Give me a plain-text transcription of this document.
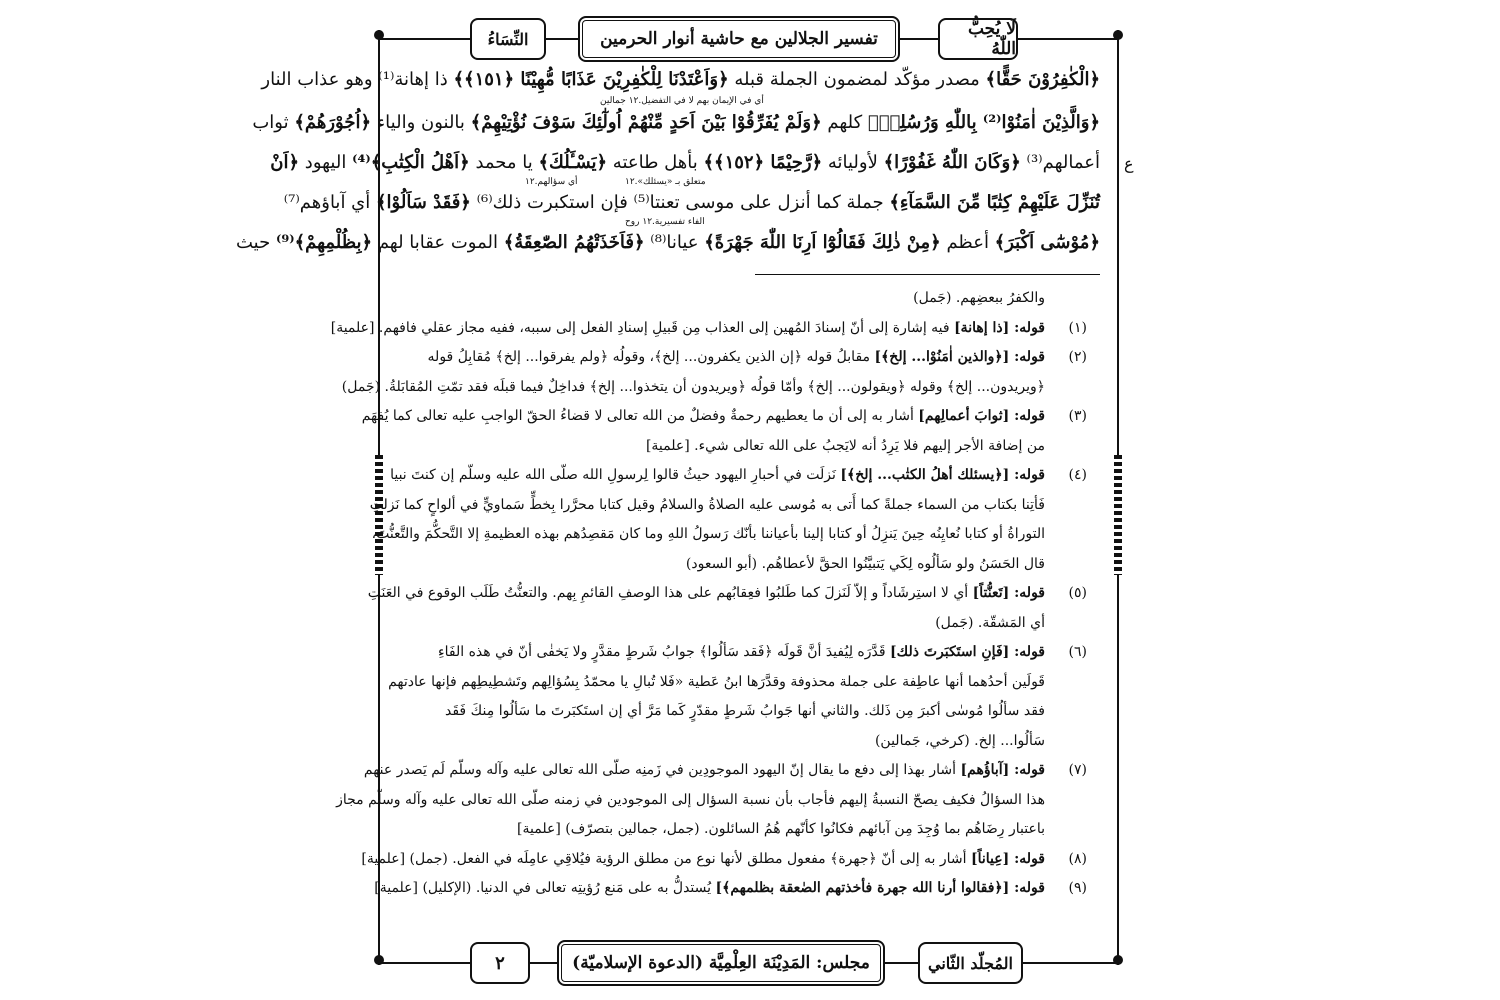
لَا يُحِبُّ اللّٰهُ
تفسير الجلالين مع حاشية أنوار الحرمين
النِّسَاءُ
﴿الْكٰفِرُوْنَ حَقًّا﴾ مصدر مؤكّد لمضمون الجملة قبله ﴿وَاَعْتَدْنَا لِلْكٰفِرِيْنَ عَذَابًا مُّهِيْنًا ﴿١٥١﴾﴾ ذا إهانة⁽¹⁾ وهو عذاب النار
﴿وَالَّذِيْنَ اٰمَنُوْا⁽²⁾ بِاللّٰهِ وَرُسُلِهٖ﴾ كلهم ﴿وَلَمْ يُفَرِّقُوْا بَيْنَ اَحَدٍ مِّنْهُمْ اُولٰٓئِكَ سَوْفَ نُؤْتِيْهِمْ﴾ بالنون والياء ﴿اُجُوْرَهُمْ﴾ ثواب
أعمالهم⁽³⁾ ﴿وَكَانَ اللّٰهُ غَفُوْرًا﴾ لأوليائه ﴿رَّحِيْمًا ﴿١٥٢﴾﴾ بأهل طاعته ﴿يَسْـَٔلُكَ﴾ يا محمد ﴿اَهْلُ الْكِتٰبِ﴾⁽⁴⁾ اليهود ﴿اَنْ
تُنَزِّلَ عَلَيْهِمْ كِتٰبًا مِّنَ السَّمَآءِ﴾ جملة كما أنزل على موسى تعنتا⁽⁵⁾ فإن استكبرت ذلك⁽⁶⁾ ﴿فَقَدْ سَاَلُوْا﴾ أي آباؤهم⁽⁷⁾
﴿مُوْسٰٓى اَكْبَرَ﴾ أعظم ﴿مِنْ ذٰلِكَ فَقَالُوْٓا اَرِنَا اللّٰهَ جَهْرَةً﴾ عيانا⁽⁸⁾ ﴿فَاَخَذَتْهُمُ الصّٰعِقَةُ﴾ الموت عقابا لهم ﴿بِظُلْمِهِمْ﴾⁽⁹⁾ حيث
أي في الإيمان بهم لا في التفضيل.١٢ جمالين
متعلق بـ «يسئلك».١٢
أي سؤالهم.١٢
الفاء تفسيرية.١٢ روح
ع
والكفرُ ببعضِهم. (جَمل)
(١)
قوله: [ذا إهانة] فيه إشارة إلى أنّ إسنادَ المُهين إلى العذاب مِن قَبيلِ إسنادِ الفعل إلى سببه، ففيه مجاز عقلي فافهم. [علمية]
(٢)
قوله: [﴿والذين اٰمَنُوْا... إلخ﴾] مقابلُ قوله ﴿إن الذين يكفرون... إلخ﴾، وقولُه ﴿ولم يفرقوا... إلخ﴾ مُقابِلُ قوله
﴿ويريدون... إلخ﴾ وقوله ﴿ويقولون... إلخ﴾ وأمّا قولُه ﴿ويريدون أن يتخذوا... إلخ﴾ فداخِلٌ فيما قبلَه فقد تمّتِ المُقابَلةُ. (جَمل)
(٣)
قوله: [ثوابَ أعمالِهم] أشار به إلى أن ما يعطيهم رحمةٌ وفضلٌ من الله تعالى لا قضاءُ الحقّ الواجبِ عليه تعالى كما يُفهَم
من إضافة الأجر إليهم فلا يَرِدُ أنه لايَجبُ على الله تعالى شيء. [علمية]
(٤)
قوله: [﴿يسئلك أهلُ الكتٰب... إلخ﴾] نَزلَت في أحبارِ اليهود حيثُ قالوا لِرسولِ الله صلّى الله عليه وسلّم إن كنتَ نبيا
فَأتِنا بكتاب من السماء جملةً كما أَتى به مُوسى عليه الصلاةُ والسلامُ وقيل كتابا محرَّرا بِخطٍّ سَماويٍّ في ألواحٍ كما نَزلتِ
التوراةُ أو كتابا نُعايِنُه حِينَ يَنزِلُ أو كتابا إلينا بأعياننا بأنّك رَسولُ اللهِ وما كان مَقصِدُهم بهذه العظيمةِ إلا التَّحكُّمَ والتَّعنُّتَ،
قال الحَسَنُ ولو سَألُوه لِكَي يَتبيَّنُوا الحقَّ لأعطاهُم. (أبو السعود)
(٥)
قوله: [تَعنُّتاً] أي لا استِرشَاداً و إلاّ لَنَزلَ كما طَلبُوا فعِقابُهم على هذا الوصفِ القائمِ بِهم. والتعنُّتُ طَلَب الوقوع في العَنَتِ
أي المَشقّة. (جَمل)
(٦)
قوله: [فَإنِ استَكبَرتَ ذلك] قَدَّرَه لِيُفيدَ أنَّ قَولَه ﴿فَقد سَألُوا﴾ جوابُ شَرطٍ مقدَّرٍ ولا يَخفٰى أنّ في هذه الفَاءِ
قَولَين أحدُهما أنها عاطِفة على جملة محذوفة وقدَّرَها ابنُ عَطية «فَلا تُبالِ يا محمّدُ بِسُؤالِهم وتَشطِيطِهم فإنها عادتهم
فقد سألُوا مُوسٰى أكبرَ مِن ذَلك. والثاني أنها جَوابُ شَرطٍ مقدّرٍ كَما مَرَّ أي إن استَكبَرتَ ما سَألُوا مِنكَ فَقَد
سَألُوا... إلخ. (كرخي، جَمالين)
(٧)
قوله: [آباؤُهم] أشار بهذا إلى دفع ما يقال إنّ اليهود الموجودِين في زَمنِه صلّى الله تعالى عليه وآله وسلّم لَم يَصدر عنهم
هذا السؤالُ فكيف يصحّ النسبةُ إليهم فأجاب بأن نسبة السؤال إلى الموجودين في زمنه صلّى الله تعالى عليه وآله وسلّم مجاز
باعتبار رِضَاهُم بما وُجِدَ مِن آبائهم فكانُوا كأنّهم هُمُ السائلون. (جمل، جمالين بتصرّف) [علمية]
(٨)
قوله: [عِياناً] أشار به إلى أنّ ﴿جهرة﴾ مفعول مطلق لأنها نوع من مطلق الرؤية فيُلاقِي عامِلَه في الفعل. (جمل) [علمية]
(٩)
قوله: [﴿فقالوا أرنا الله جهرة فأخذتهم الصٰعقة بظلمهم﴾] يُستدلُّ به على مَنع رُؤيتِه تعالى في الدنيا. (الإكليل) [علمية]
المُجلّد الثّاني
مجلس: المَدِيْنَة العِلْمِيَّة (الدعوة الإسلاميّة)
٢
